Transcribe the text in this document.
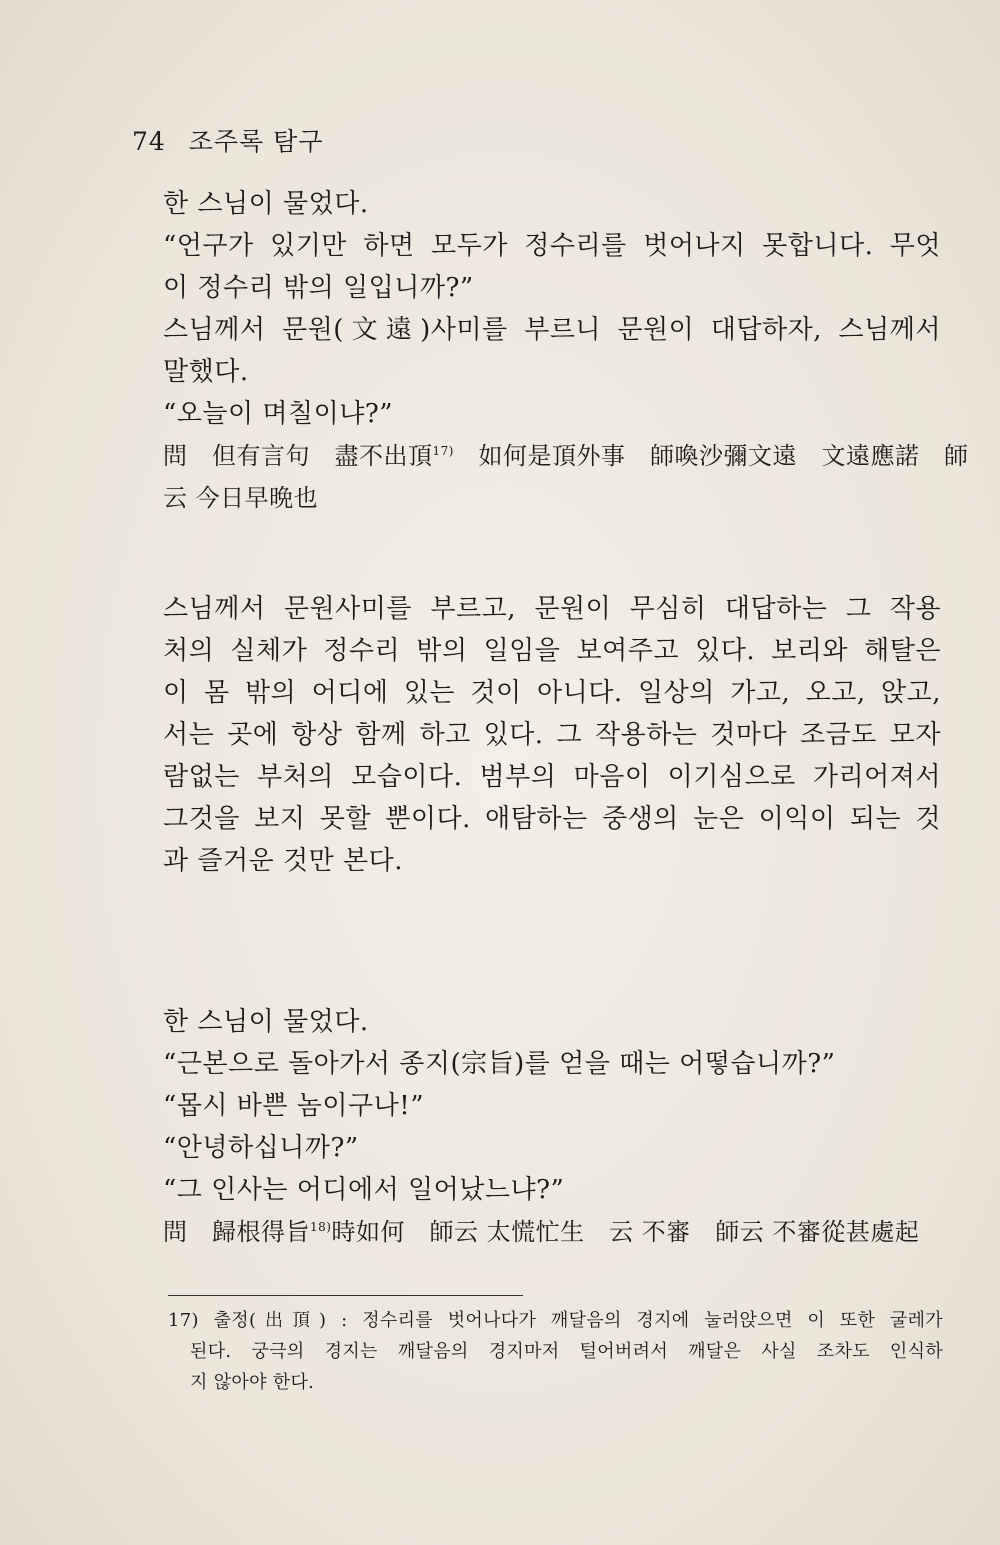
74 조주록 탐구
한 스님이 물었다.
“언구가 있기만 하면 모두가 정수리를 벗어나지 못합니다. 무엇
이 정수리 밖의 일입니까?”
스님께서 문원(文遠)사미를 부르니 문원이 대답하자, 스님께서
말했다.
“오늘이 며칠이냐?”
問　但有言句　盡不出頂$^{17)}$　如何是頂外事　師喚沙彌文遠　文遠應諾　師
云 今日早晩也
스님께서 문원사미를 부르고, 문원이 무심히 대답하는 그 작용
처의 실체가 정수리 밖의 일임을 보여주고 있다. 보리와 해탈은
이 몸 밖의 어디에 있는 것이 아니다. 일상의 가고, 오고, 앉고,
서는 곳에 항상 함께 하고 있다. 그 작용하는 것마다 조금도 모자
람없는 부처의 모습이다. 범부의 마음이 이기심으로 가리어져서
그것을 보지 못할 뿐이다. 애탐하는 중생의 눈은 이익이 되는 것
과 즐거운 것만 본다.
한 스님이 물었다.
“근본으로 돌아가서 종지(宗旨)를 얻을 때는 어떻습니까?”
“몹시 바쁜 놈이구나!”
“안녕하십니까?”
“그 인사는 어디에서 일어났느냐?”
問　歸根得旨$^{18)}$時如何　師云 太慌忙生　云 不審　師云 不審從甚處起
17) 출정(出頂) : 정수리를 벗어나다가 깨달음의 경지에 눌러앉으면 이 또한 굴레가
된다. 궁극의 경지는 깨달음의 경지마저 털어버려서 깨달은 사실 조차도 인식하
지 않아야 한다.
